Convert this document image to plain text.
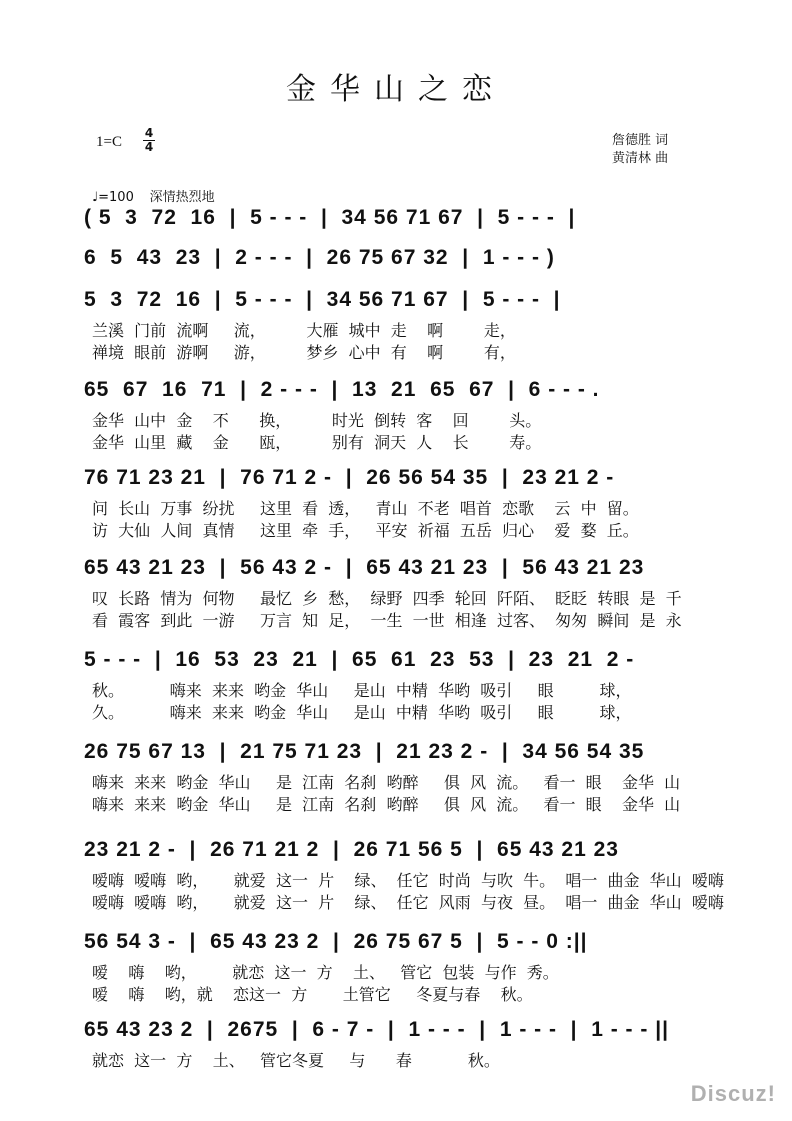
金华山之恋
1=C
4
4	詹德胜 词
黄清林 曲
♩=100 深情热烈地
( 5  3  72  16  |  5 - - -  |  34 56 71 67  |  5 - - -  |
6  5  43  23  |  2 - - -  |  26 75 67 32  |  1 - - - )
5  3  72  16  |  5 - - -  |  34 56 71 67  |  5 - - -  |
兰溪  门前  流啊     流，        大雁  城中  走    啊        走，
禅境  眼前  游啊     游，        梦乡  心中  有    啊        有，
65  67  16  71  |  2 - - -  |  13  21  65  67  |  6 - - - .
金华  山中  金    不      换，        时光  倒转  客    回        头。
金华  山里  藏    金      瓯，        别有  洞天  人    长        寿。
76 71 23 21  |  76 71 2 -  |  26 56 54 35  |  23 21 2 -
问  长山  万事  纷扰     这里  看  透，   青山  不老  唱首  恋歌    云  中  留。
访  大仙  人间  真情     这里  牵  手，   平安  祈福  五岳  归心    爱  婺  丘。
65 43 21 23  |  56 43 2 -  |  65 43 21 23  |  56 43 21 23
叹  长路  情为  何物     最忆  乡  愁，  绿野  四季  轮回  阡陌、  眨眨  转眼  是  千
看  霞客  到此  一游     万言  知  足，  一生  一世  相逢  过客、  匆匆  瞬间  是  永
5 - - -  |  16  53  23  21  |  65  61  23  53  |  23  21  2 -
秋。         嗨来  来来  哟金  华山     是山  中精  华哟  吸引     眼         球，
久。         嗨来  来来  哟金  华山     是山  中精  华哟  吸引     眼         球，
26 75 67 13  |  21 75 71 23  |  21 23 2 -  |  34 56 54 35
嗨来  来来  哟金  华山     是  江南  名刹  哟醉     俱  风  流。   看一  眼    金华  山
嗨来  来来  哟金  华山     是  江南  名刹  哟醉     俱  风  流。   看一  眼    金华  山
23 21 2 -  |  26 71 21 2  |  26 71 56 5  |  65 43 21 23
嗳嗨  嗳嗨  哟，     就爱  这一  片    绿、  任它  时尚  与吹  牛。  唱一  曲金  华山  嗳嗨
嗳嗨  嗳嗨  哟，     就爱  这一  片    绿、  任它  风雨  与夜  昼。  唱一  曲金  华山  嗳嗨
56 54 3 -  |  65 43 23 2  |  26 75 67 5  |  5 - - 0 :||
嗳    嗨    哟，       就恋  这一  方    土、   管它  包装  与作  秀。
嗳    嗨    哟，就    恋这一  方       土管它     冬夏与春    秋。
65 43 23 2  |  2675  |  6 - 7 -  |  1 - - -  |  1 - - -  |  1 - - - ||
就恋  这一  方    土、   管它冬夏     与      春           秋。
Discuz!
